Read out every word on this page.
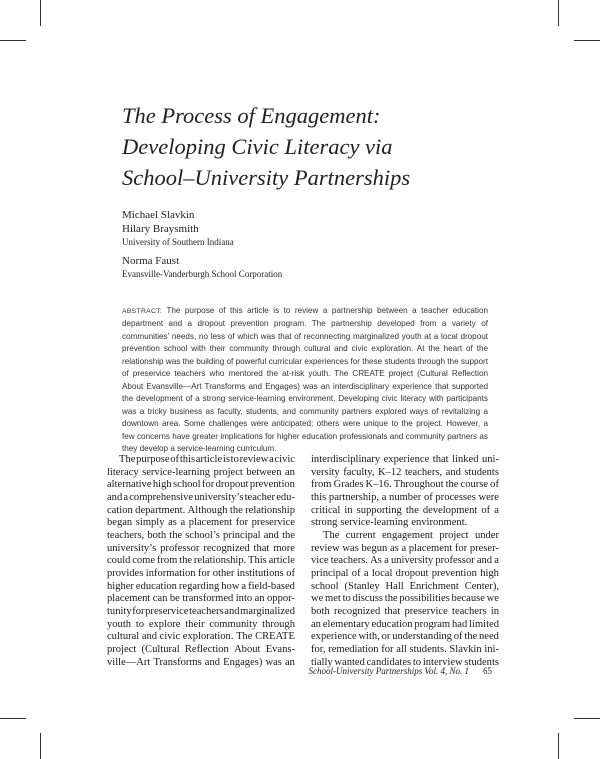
The Process of Engagement:
Developing Civic Literacy via
School–University Partnerships
Michael Slavkin
Hilary Braysmith
University of Southern Indiana
Norma Faust
Evansville-Vanderburgh School Corporation
ABSTRACT: The purpose of this article is to review a partnership between a teacher education department and a dropout prevention program. The partnership developed from a variety of communities’ needs, no less of which was that of reconnecting marginalized youth at a local dropout prevention school with their community through cultural and civic exploration. At the heart of the relationship was the building of powerful curricular experiences for these students through the support of preservice teachers who mentored the at-risk youth. The CREATE project (Cultural Reflection About Evansville—Art Transforms and Engages) was an interdisciplinary experience that supported the development of a strong service-learning environment. Developing civic literacy with participants was a tricky business as faculty, students, and community partners explored ways of revitalizing a downtown area. Some challenges were anticipated; others were unique to the project. However, a few concerns have greater implications for higher education professionals and community partners as they develop a service-learning curriculum.
The purpose of this article is to review a civic
literacy service-learning project between an
alternative high school for dropout prevention
and a comprehensive university’s teacher edu-
cation department. Although the relationship
began simply as a placement for preservice
teachers, both the school’s principal and the
university’s professor recognized that more
could come from the relationship. This article
provides information for other institutions of
higher education regarding how a field-based
placement can be transformed into an oppor-
tunity for preservice teachers and marginalized
youth to explore their community through
cultural and civic exploration. The CREATE
project (Cultural Reflection About Evans-
ville—Art Transforms and Engages) was an
interdisciplinary experience that linked uni-
versity faculty, K–12 teachers, and students
from Grades K–16. Throughout the course of
this partnership, a number of processes were
critical in supporting the development of a
strong service-learning environment.
The current engagement project under
review was begun as a placement for preser-
vice teachers. As a university professor and a
principal of a local dropout prevention high
school (Stanley Hall Enrichment Center),
we met to discuss the possibilities because we
both recognized that preservice teachers in
an elementary education program had limited
experience with, or understanding of the need
for, remediation for all students. Slavkin ini-
tially wanted candidates to interview students
School-University Partnerships Vol. 4, No. 1 65
